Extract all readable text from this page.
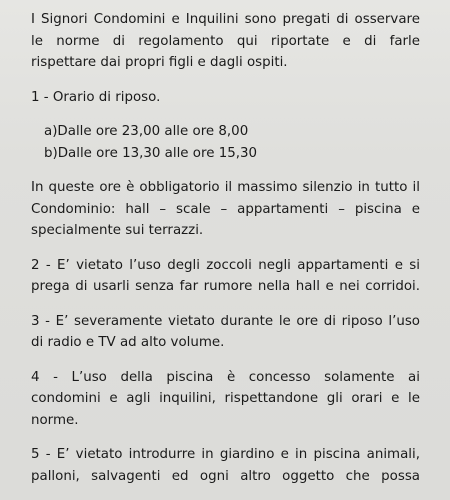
I Signori Condomini e Inquilini sono pregati di osservare
le norme di regolamento qui riportate e di farle
rispettare dai propri figli e dagli ospiti.
1 - Orario di riposo.
a)Dalle ore 23,00 alle ore 8,00
b)Dalle ore 13,30 alle ore 15,30
In queste ore è obbligatorio il massimo silenzio in tutto il
Condominio: hall – scale – appartamenti – piscina e
specialmente sui terrazzi.
2 - E’ vietato l’uso degli zoccoli negli appartamenti e si
prega di usarli senza far rumore nella hall e nei corridoi.
3 - E’ severamente vietato durante le ore di riposo l’uso
di radio e TV ad alto volume.
4 - L’uso della piscina è concesso solamente ai
condomini e agli inquilini, rispettandone gli orari e le
norme.
5 - E’ vietato introdurre in giardino e in piscina animali,
palloni, salvagenti ed ogni altro oggetto che possa
